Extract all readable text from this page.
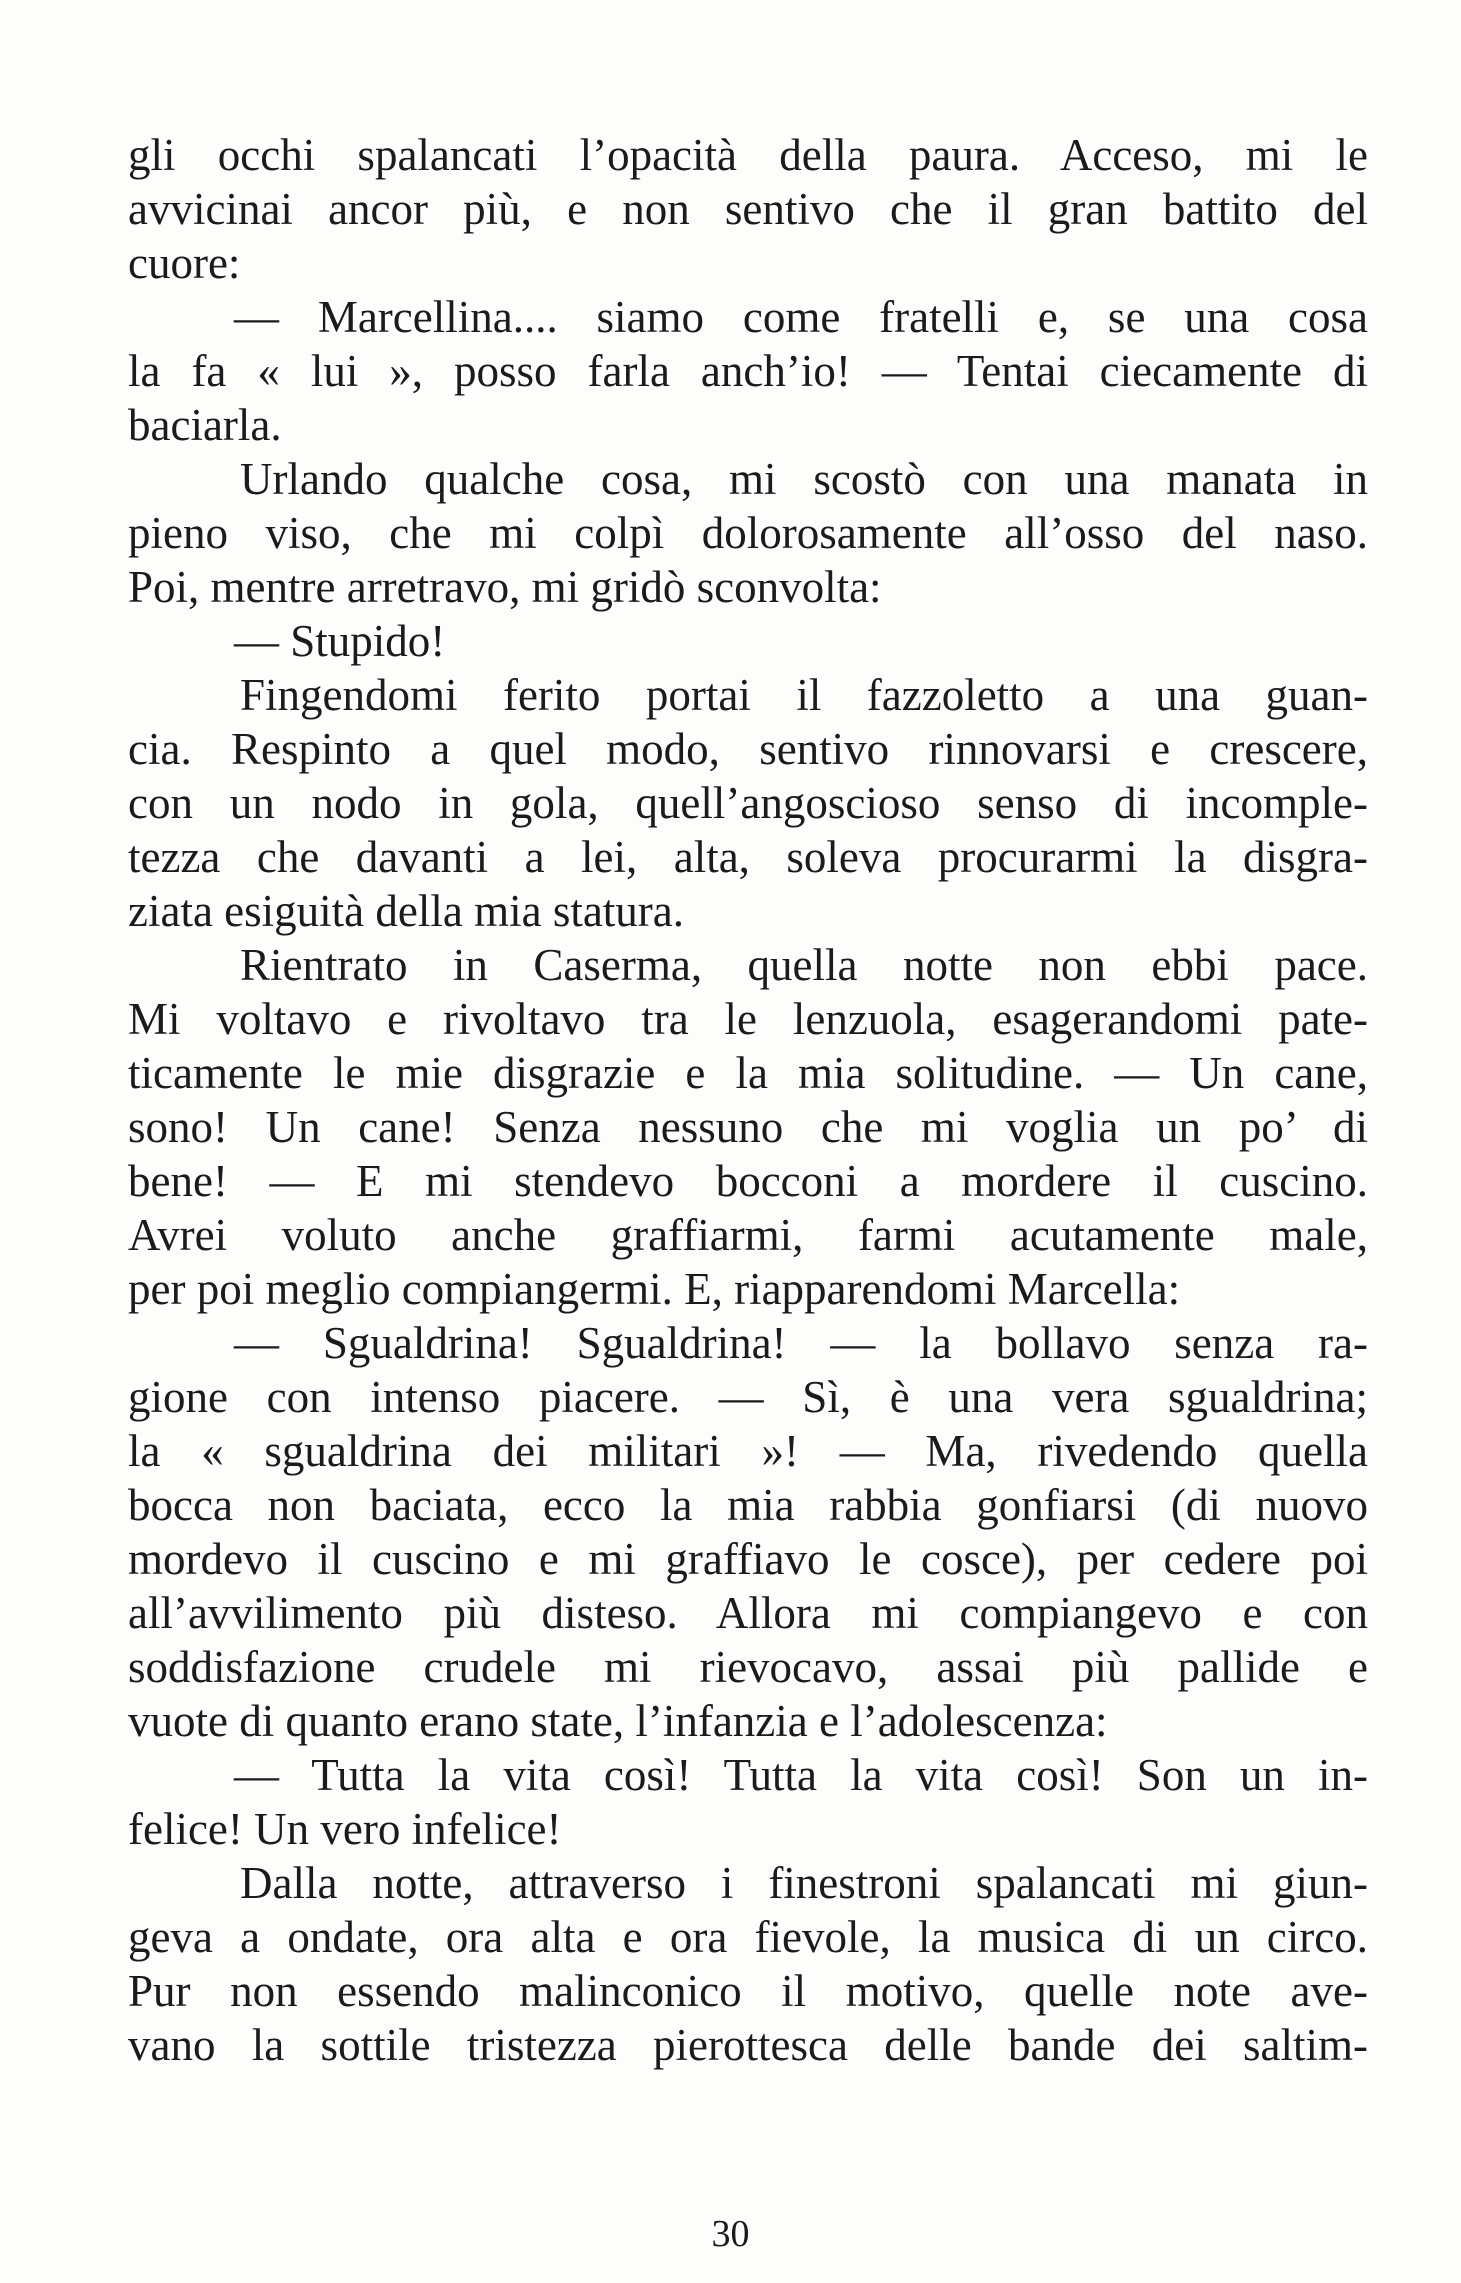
gli occhi spalancati l’opacità della paura. Acceso, mi le
avvicinai ancor più, e non sentivo che il gran battito del
cuore:
— Marcellina.... siamo come fratelli e, se una cosa
la fa « lui », posso farla anch’io! — Tentai ciecamente di
baciarla.
Urlando qualche cosa, mi scostò con una manata in
pieno viso, che mi colpì dolorosamente all’osso del naso.
Poi, mentre arretravo, mi gridò sconvolta:
— Stupido!
Fingendomi ferito portai il fazzoletto a una guan-
cia. Respinto a quel modo, sentivo rinnovarsi e crescere,
con un nodo in gola, quell’angoscioso senso di incomple-
tezza che davanti a lei, alta, soleva procurarmi la disgra-
ziata esiguità della mia statura.
Rientrato in Caserma, quella notte non ebbi pace.
Mi voltavo e rivoltavo tra le lenzuola, esagerandomi pate-
ticamente le mie disgrazie e la mia solitudine. — Un cane,
sono! Un cane! Senza nessuno che mi voglia un po’ di
bene! — E mi stendevo bocconi a mordere il cuscino.
Avrei voluto anche graffiarmi, farmi acutamente male,
per poi meglio compiangermi. E, riapparendomi Marcella:
— Sgualdrina! Sgualdrina! — la bollavo senza ra-
gione con intenso piacere. — Sì, è una vera sgualdrina;
la « sgualdrina dei militari »! — Ma, rivedendo quella
bocca non baciata, ecco la mia rabbia gonfiarsi (di nuovo
mordevo il cuscino e mi graffiavo le cosce), per cedere poi
all’avvilimento più disteso. Allora mi compiangevo e con
soddisfazione crudele mi rievocavo, assai più pallide e
vuote di quanto erano state, l’infanzia e l’adolescenza:
— Tutta la vita così! Tutta la vita così! Son un in-
felice! Un vero infelice!
Dalla notte, attraverso i finestroni spalancati mi giun-
geva a ondate, ora alta e ora fievole, la musica di un circo.
Pur non essendo malinconico il motivo, quelle note ave-
vano la sottile tristezza pierottesca delle bande dei saltim-
30
